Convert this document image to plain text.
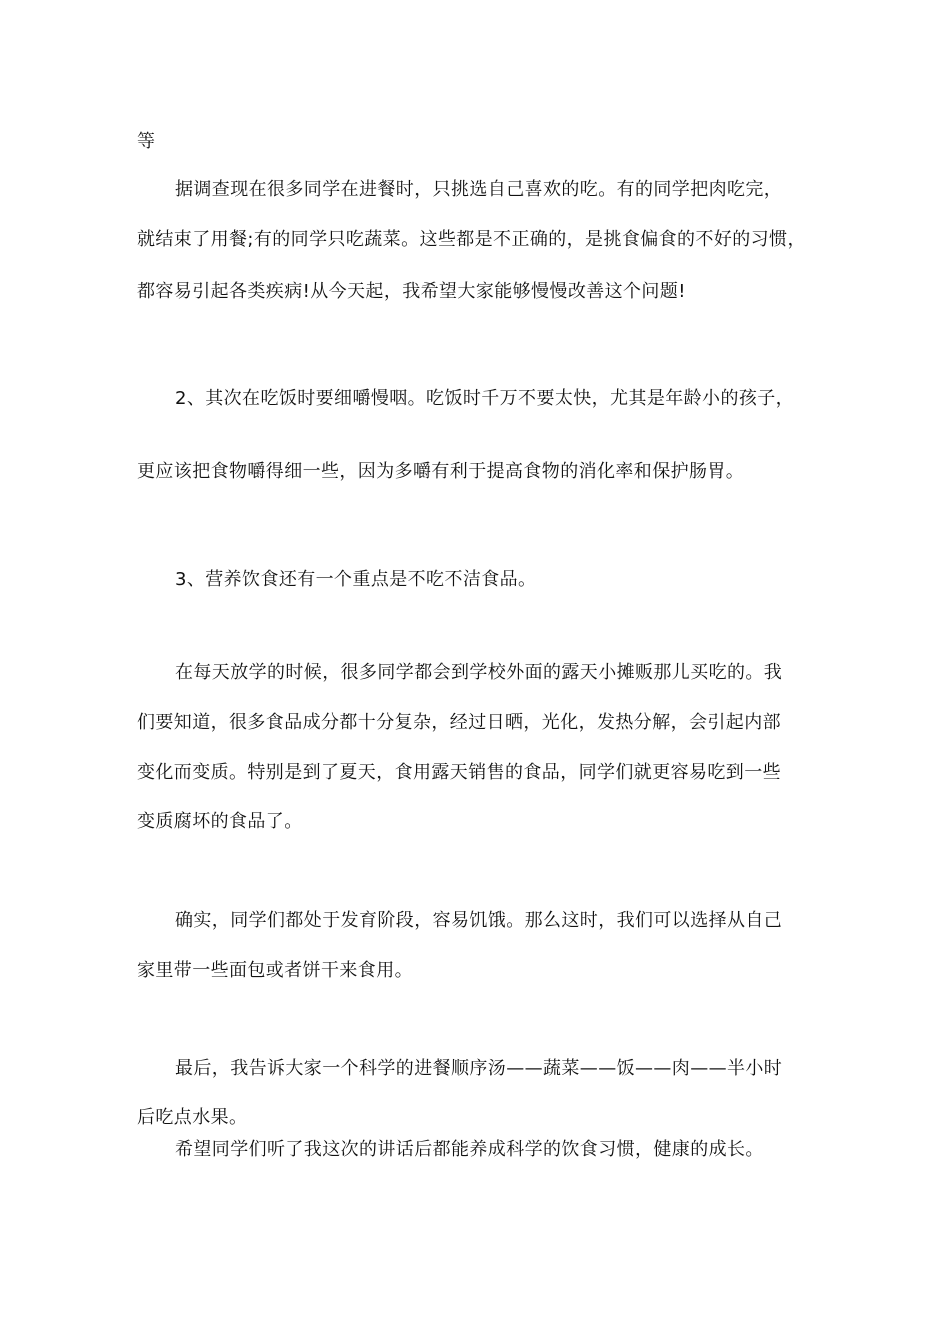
等
据调查现在很多同学在进餐时，只挑选自己喜欢的吃。有的同学把肉吃完，
就结束了用餐;有的同学只吃蔬菜。这些都是不正确的，是挑食偏食的不好的习惯，
都容易引起各类疾病!从今天起，我希望大家能够慢慢改善这个问题!
2、其次在吃饭时要细嚼慢咽。吃饭时千万不要太快，尤其是年龄小的孩子，
更应该把食物嚼得细一些，因为多嚼有利于提高食物的消化率和保护肠胃。
3、营养饮食还有一个重点是不吃不洁食品。
在每天放学的时候，很多同学都会到学校外面的露天小摊贩那儿买吃的。我
们要知道，很多食品成分都十分复杂，经过日晒，光化，发热分解，会引起内部
变化而变质。特别是到了夏天，食用露天销售的食品，同学们就更容易吃到一些
变质腐坏的食品了。
确实，同学们都处于发育阶段，容易饥饿。那么这时，我们可以选择从自己
家里带一些面包或者饼干来食用。
最后，我告诉大家一个科学的进餐顺序汤——蔬菜——饭——肉——半小时
后吃点水果。
希望同学们听了我这次的讲话后都能养成科学的饮食习惯，健康的成长。
